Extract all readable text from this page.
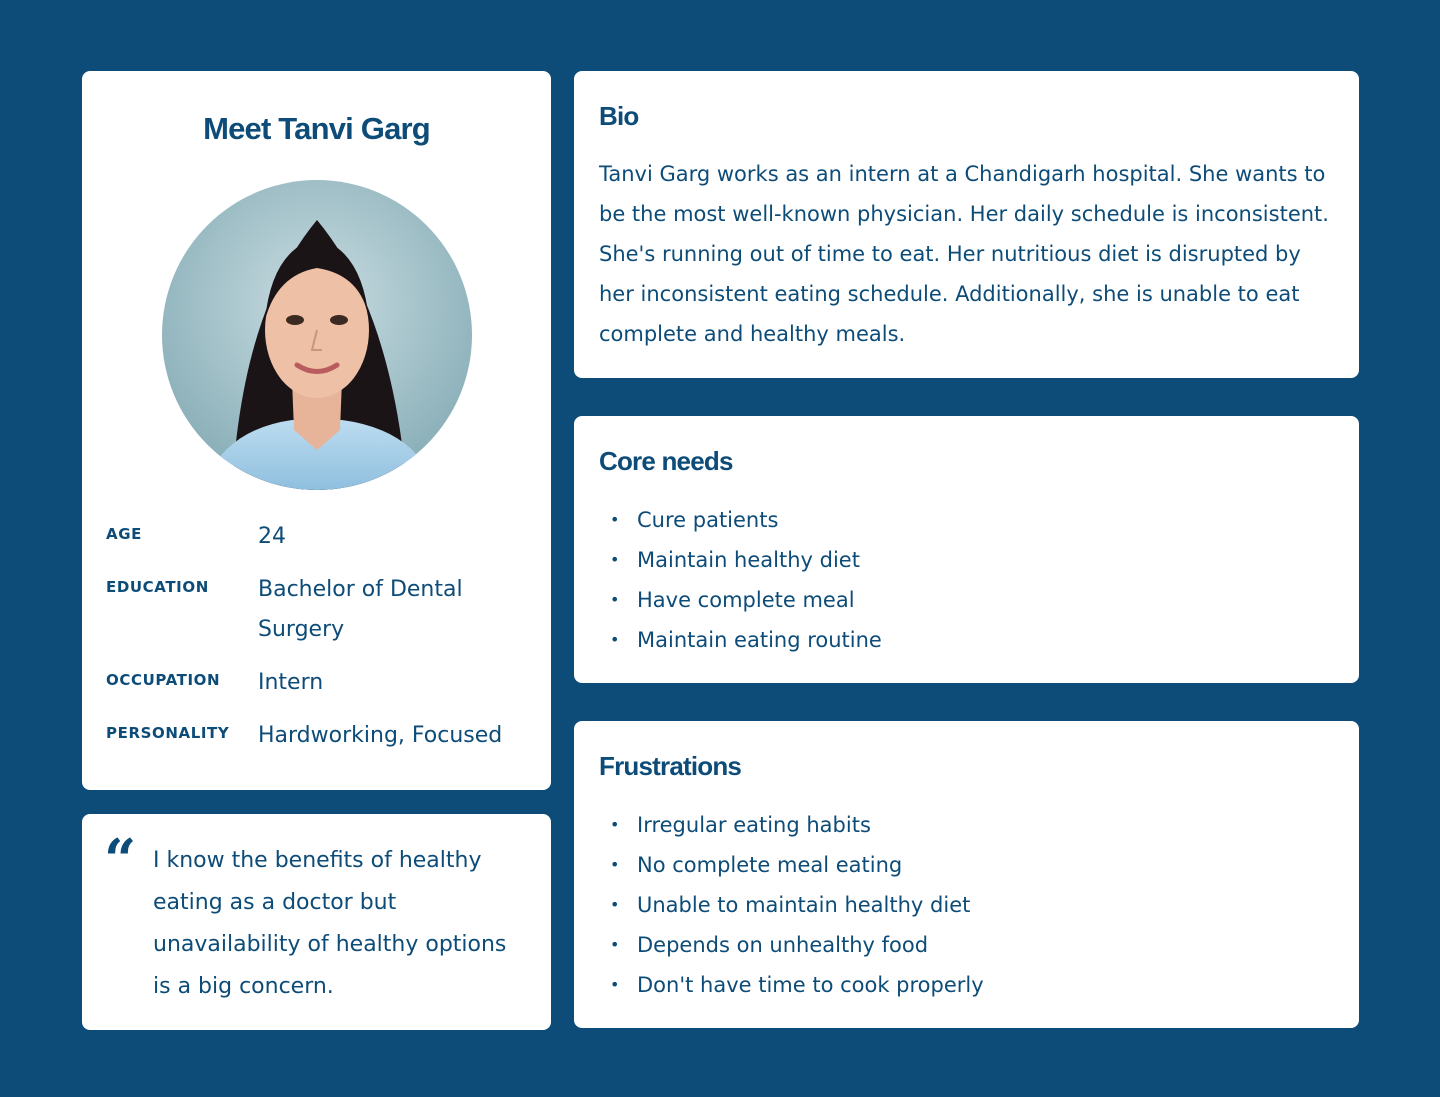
Meet Tanvi Garg
AGE	24
EDUCATION	Bachelor of Dental Surgery
OCCUPATION	Intern
PERSONALITY	Hardworking, Focused
“ I know the benefits of healthy eating as a doctor but unavailability of healthy options is a big concern.

Bio

Tanvi Garg works as an intern at a Chandigarh hospital. She wants to be the most well-known physician. Her daily schedule is inconsistent. She's running out of time to eat. Her nutritious diet is disrupted by her inconsistent eating schedule. Additionally, she is unable to eat complete and healthy meals.

Core needs
• Cure patients
• Maintain healthy diet
• Have complete meal
• Maintain eating routine
Frustrations
• Irregular eating habits
• No complete meal eating
• Unable to maintain healthy diet
• Depends on unhealthy food
• Don't have time to cook properly
